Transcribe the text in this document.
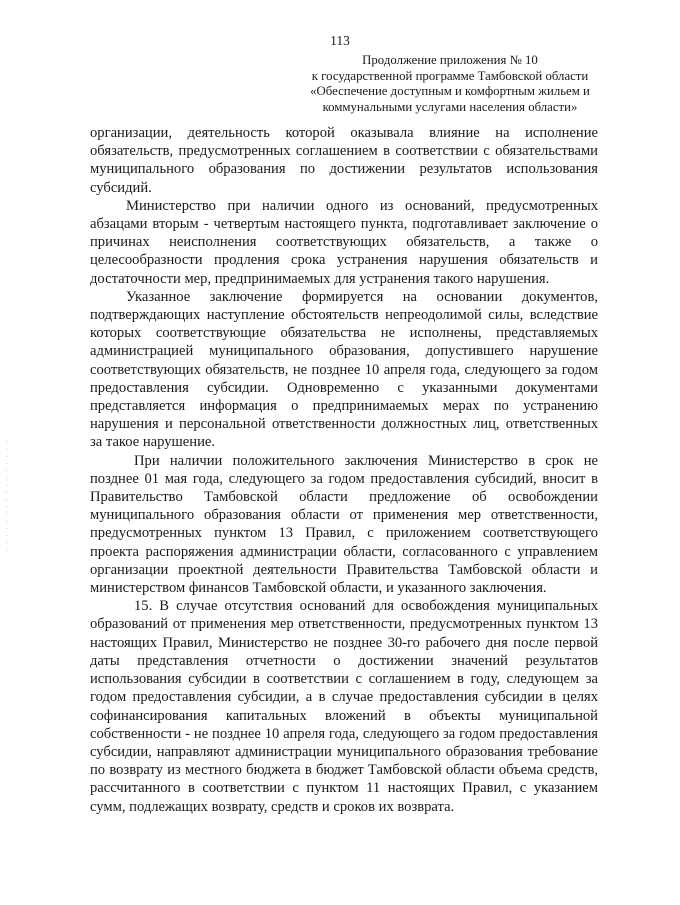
113
Продолжение приложения № 10
к государственной программе Тамбовской области
«Обеспечение доступным и комфортным жильем и
коммунальными услугами населения области»

организации, деятельность которой оказывала влияние на исполнение обязательств, предусмотренных соглашением в соответствии с обязательствами муниципального образования по достижении результатов использования субсидий.

Министерство при наличии одного из оснований, предусмотренных абзацами вторым - четвертым настоящего пункта, подготавливает заключение о причинах неисполнения соответствующих обязательств, а также о целесообразности продления срока устранения нарушения обязательств и достаточности мер, предпринимаемых для устранения такого нарушения.

Указанное заключение формируется на основании документов, подтверждающих наступление обстоятельств непреодолимой силы, вследствие которых соответствующие обязательства не исполнены, представляемых администрацией муниципального образования, допустившего нарушение соответствующих обязательств, не позднее 10 апреля года, следующего за годом предоставления субсидии. Одновременно с указанными документами представляется информация о предпринимаемых мерах по устранению нарушения и персональной ответственности должностных лиц, ответственных за такое нарушение.

При наличии положительного заключения Министерство в срок не позднее 01 мая года, следующего за годом предоставления субсидий, вносит в Правительство Тамбовской области предложение об освобождении муниципального образования области от применения мер ответственности, предусмотренных пунктом 13 Правил, с приложением соответствующего проекта распоряжения администрации области, согласованного с управлением организации проектной деятельности Правительства Тамбовской области и министерством финансов Тамбовской области, и указанного заключения.

15. В случае отсутствия оснований для освобождения муниципальных образований от применения мер ответственности, предусмотренных пунктом 13 настоящих Правил, Министерство не позднее 30-го рабочего дня после первой даты представления отчетности о достижении значений результатов использования субсидии в соответствии с соглашением в году, следующем за годом предоставления субсидии, а в случае предоставления субсидии в целях софинансирования капитальных вложений в объекты муниципальной собственности - не позднее 10 апреля года, следующего за годом предоставления субсидии, направляют администрации муниципального образования требование по возврату из местного бюджета в бюджет Тамбовской области объема средств, рассчитанного в соответствии с пунктом 11 настоящих Правил, с указанием сумм, подлежащих возврату, средств и сроков их возврата.

· · · · · · · · · · · · · · · ·
